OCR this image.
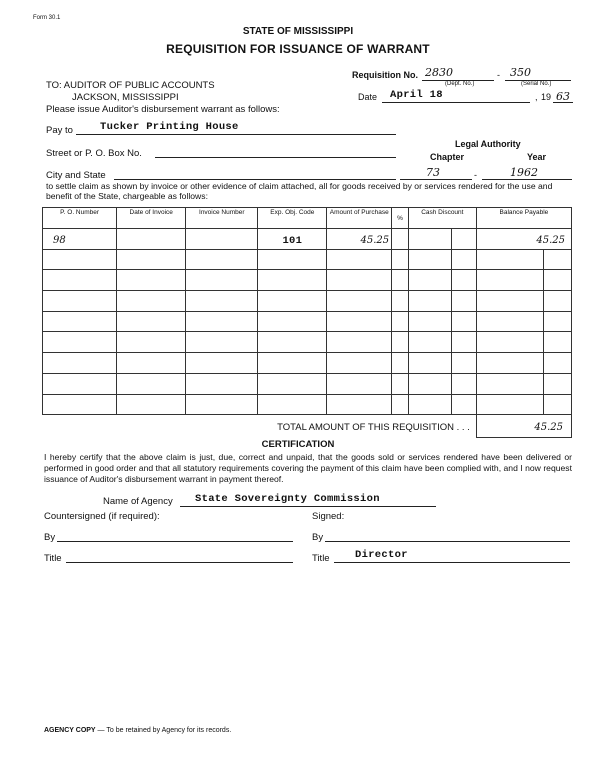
Form 30.1
STATE OF MISSISSIPPI
REQUISITION FOR ISSUANCE OF WARRANT
Requisition No. 2830	- 350
(Dept. No.)	(Serial No.)
Date April 18	, 19 63
TO: AUDITOR OF PUBLIC ACCOUNTS
JACKSON, MISSISSIPPI
Please issue Auditor's disbursement warrant as follows:
Pay to	Tucker Printing House
Legal Authority
Chapter	Year
Street or P. O. Box No.
City and State	73	-	1962
to settle claim as shown by invoice or other evidence of claim attached, all for goods received by or services rendered for the use and benefit of the State, chargeable as follows:
P. O. Number	Date of Invoice	Invoice Number	Exp. Obj. Code	Amount of Purchase	%	Cash Discount		Balance Payable	
98			101	45.25				45.25	

TOTAL AMOUNT OF THIS REQUISITION . . .								45.25	
CERTIFICATION
I hereby certify that the above claim is just, due, correct and unpaid, that the goods sold or services rendered have been delivered or performed in good order and that all statutory requirements covering the payment of this claim have been complied with, and I now request issuance of Auditor's disbursement warrant in payment thereof.
Name of Agency State Sovereignty Commission
Countersigned (if required):	Signed:
By	By
Title	Title Director
AGENCY COPY — To be retained by Agency for its records.
